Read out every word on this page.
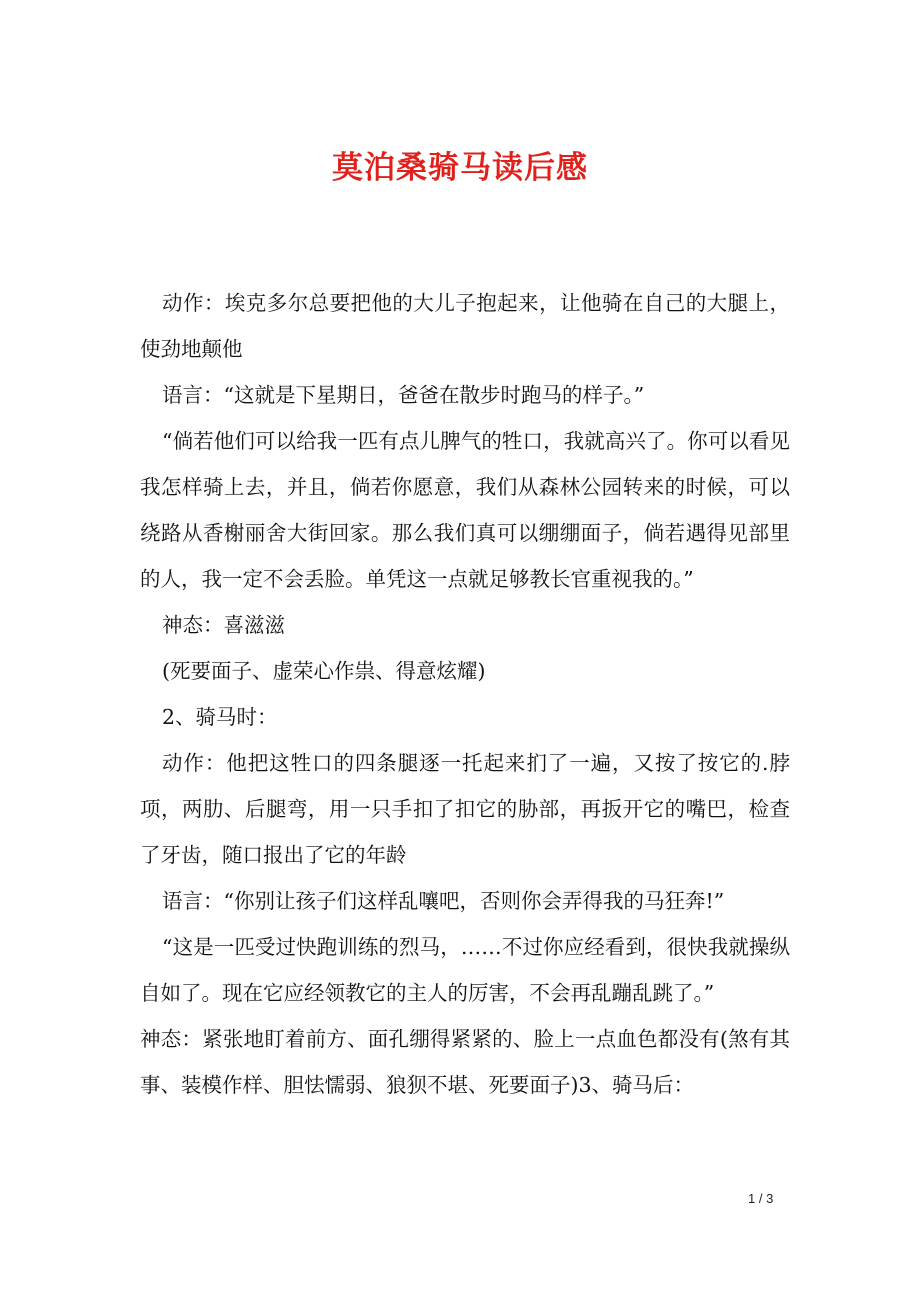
莫泊桑骑马读后感

动作：埃克多尔总要把他的大儿子抱起来，让他骑在自己的大腿上，使劲地颠他

语言：“这就是下星期日，爸爸在散步时跑马的样子。”

“倘若他们可以给我一匹有点儿脾气的牲口，我就高兴了。你可以看见我怎样骑上去，并且，倘若你愿意，我们从森林公园转来的时候，可以绕路从香榭丽舍大街回家。那么我们真可以绷绷面子，倘若遇得见部里的人，我一定不会丢脸。单凭这一点就足够教长官重视我的。”

神态：喜滋滋

(死要面子、虚荣心作祟、得意炫耀)

2、骑马时：

动作：他把这牲口的四条腿逐一托起来扪了一遍，又按了按它的.脖项，两肋、后腿弯，用一只手扣了扣它的胁部，再扳开它的嘴巴，检查了牙齿，随口报出了它的年龄

语言：“你别让孩子们这样乱嚷吧，否则你会弄得我的马狂奔!”

“这是一匹受过快跑训练的烈马，……不过你应经看到，很快我就操纵自如了。现在它应经领教它的主人的厉害，不会再乱蹦乱跳了。”

神态：紧张地盯着前方、面孔绷得紧紧的、脸上一点血色都没有(煞有其事、装模作样、胆怯懦弱、狼狈不堪、死要面子)3、骑马后：

1 / 3
